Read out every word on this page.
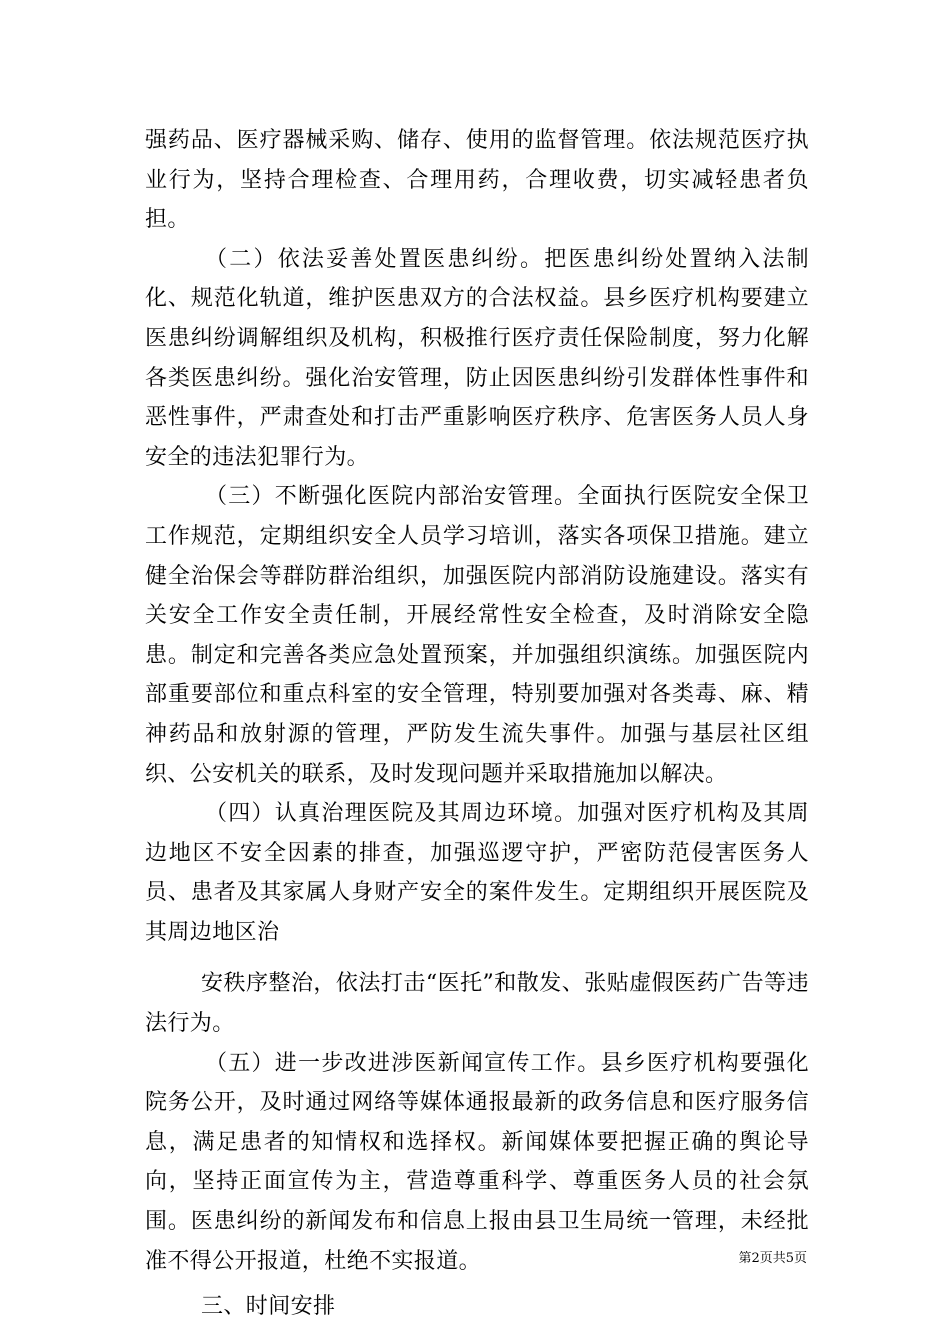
强药品、医疗器械采购、储存、使用的监督管理。依法规范医疗执业行为，坚持合理检查、合理用药，合理收费，切实减轻患者负担。

（二）依法妥善处置医患纠纷。把医患纠纷处置纳入法制化、规范化轨道，维护医患双方的合法权益。县乡医疗机构要建立医患纠纷调解组织及机构，积极推行医疗责任保险制度，努力化解各类医患纠纷。强化治安管理，防止因医患纠纷引发群体性事件和恶性事件，严肃查处和打击严重影响医疗秩序、危害医务人员人身安全的违法犯罪行为。

（三）不断强化医院内部治安管理。全面执行医院安全保卫工作规范，定期组织安全人员学习培训，落实各项保卫措施。建立健全治保会等群防群治组织，加强医院内部消防设施建设。落实有关安全工作安全责任制，开展经常性安全检查，及时消除安全隐患。制定和完善各类应急处置预案，并加强组织演练。加强医院内部重要部位和重点科室的安全管理，特别要加强对各类毒、麻、精神药品和放射源的管理，严防发生流失事件。加强与基层社区组织、公安机关的联系，及时发现问题并采取措施加以解决。

（四）认真治理医院及其周边环境。加强对医疗机构及其周边地区不安全因素的排查，加强巡逻守护，严密防范侵害医务人员、患者及其家属人身财产安全的案件发生。定期组织开展医院及其周边地区治

安秩序整治，依法打击“医托”和散发、张贴虚假医药广告等违法行为。

（五）进一步改进涉医新闻宣传工作。县乡医疗机构要强化院务公开，及时通过网络等媒体通报最新的政务信息和医疗服务信息，满足患者的知情权和选择权。新闻媒体要把握正确的舆论导向，坚持正面宣传为主，营造尊重科学、尊重医务人员的社会氛围。医患纠纷的新闻发布和信息上报由县卫生局统一管理，未经批准不得公开报道，杜绝不实报道。

三、时间安排

第2页共5页
